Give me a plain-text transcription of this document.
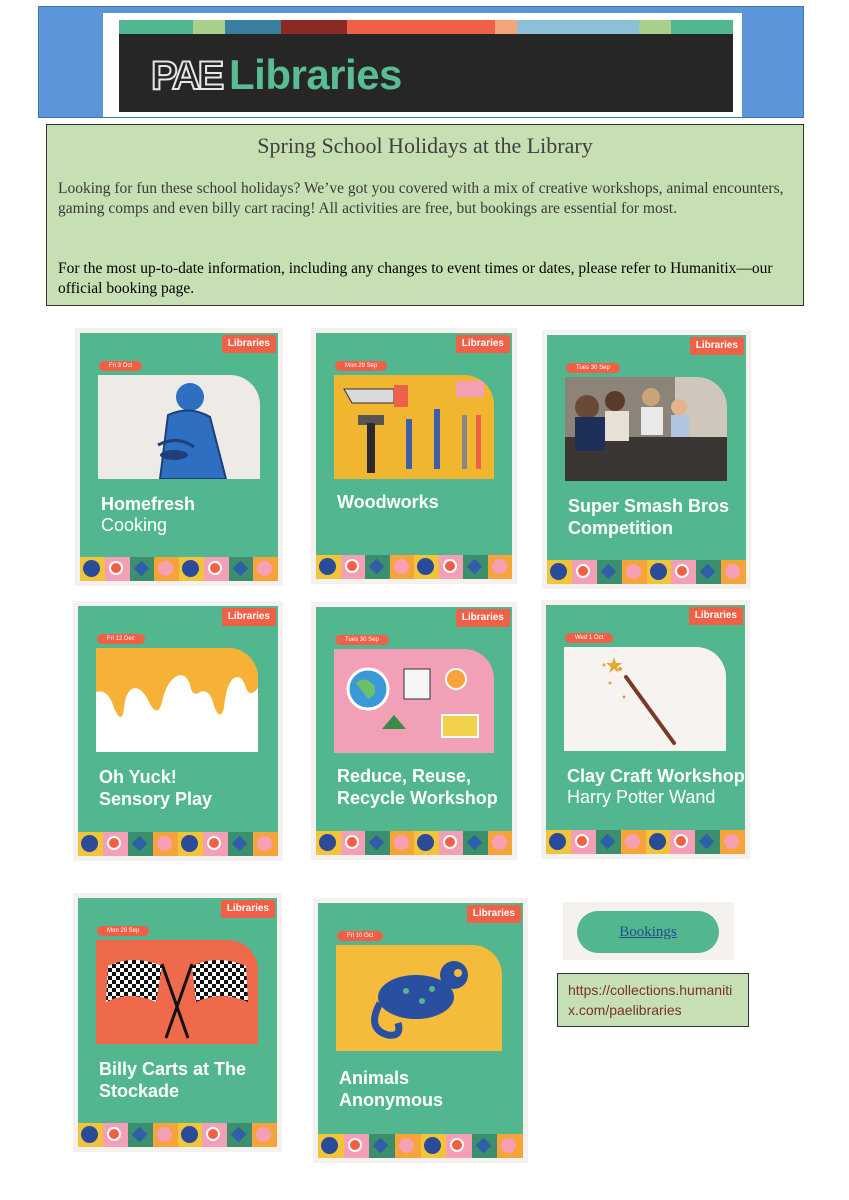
PAE Libraries
Spring School Holidays at the Library
Looking for fun these school holidays? We’ve got you covered with a mix of creative workshops, animal encounters, gaming comps and even billy cart racing! All activities are free, but bookings are essential for most.
For the most up-to-date information, including any changes to event times or dates, please refer to Humanitix—our official booking page.
Libraries
Fri 3 Oct
Homefresh
Cooking
Libraries
Mon 29 Sep
Woodworks
Libraries
Tues 30 Sep
Super Smash Bros Competition
Libraries
Fri 12 Dec
Oh Yuck! Sensory Play
Libraries
Tues 30 Sep
Reduce, Reuse, Recycle Workshop
Libraries
Wed 1 Oct
Clay Craft Workshop
Harry Potter Wand
Libraries
Mon 29 Sep
Billy Carts at The Stockade
Libraries
Fri 10 Oct
Animals Anonymous
Bookings
https://collections.humanitix.com/paelibraries
